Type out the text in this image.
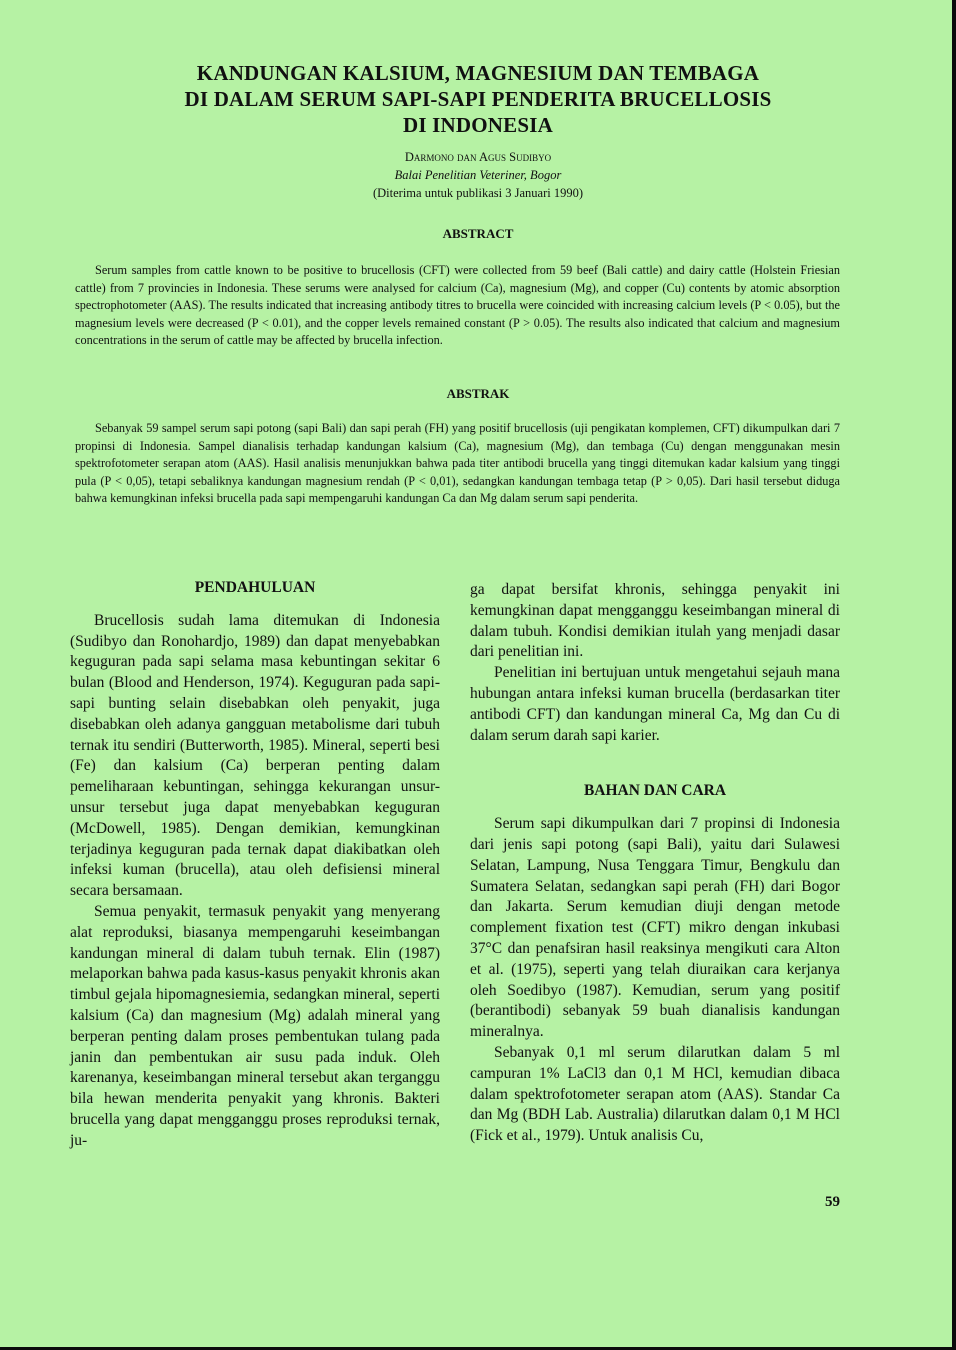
KANDUNGAN KALSIUM, MAGNESIUM DAN TEMBAGA
DI DALAM SERUM SAPI-SAPI PENDERITA BRUCELLOSIS
DI INDONESIA
Darmono dan Agus Sudibyo
Balai Penelitian Veteriner, Bogor
(Diterima untuk publikasi 3 Januari 1990)
ABSTRACT

Serum samples from cattle known to be positive to brucellosis (CFT) were collected from 59 beef (Bali cattle) and dairy cattle (Holstein Friesian cattle) from 7 provincies in Indonesia. These serums were analysed for calcium (Ca), magnesium (Mg), and copper (Cu) contents by atomic absorption spectrophotometer (AAS). The results indicated that increasing antibody titres to brucella were coincided with increasing calcium levels (P < 0.05), but the magnesium levels were decreased (P < 0.01), and the copper levels remained constant (P > 0.05). The results also indicated that calcium and magnesium concentrations in the serum of cattle may be affected by brucella infection.

ABSTRAK

Sebanyak 59 sampel serum sapi potong (sapi Bali) dan sapi perah (FH) yang positif brucellosis (uji pengikatan komplemen, CFT) dikumpulkan dari 7 propinsi di Indonesia. Sampel dianalisis terhadap kandungan kalsium (Ca), magnesium (Mg), dan tembaga (Cu) dengan menggunakan mesin spektrofotometer serapan atom (AAS). Hasil analisis menunjukkan bahwa pada titer antibodi brucella yang tinggi ditemukan kadar kalsium yang tinggi pula (P < 0,05), tetapi sebaliknya kandungan magnesium rendah (P < 0,01), sedangkan kandungan tembaga tetap (P > 0,05). Dari hasil tersebut diduga bahwa kemungkinan infeksi brucella pada sapi mempengaruhi kandungan Ca dan Mg dalam serum sapi penderita.

PENDAHULUAN

Brucellosis sudah lama ditemukan di Indonesia (Sudibyo dan Ronohardjo, 1989) dan dapat menyebabkan keguguran pada sapi selama masa kebuntingan sekitar 6 bulan (Blood and Henderson, 1974). Keguguran pada sapi-sapi bunting selain disebabkan oleh penyakit, juga disebabkan oleh adanya gangguan metabolisme dari tubuh ternak itu sendiri (Butterworth, 1985). Mineral, seperti besi (Fe) dan kalsium (Ca) berperan penting dalam pemeliharaan kebuntingan, sehingga kekurangan unsur-unsur tersebut juga dapat menyebabkan keguguran (McDowell, 1985). Dengan demikian, kemungkinan terjadinya keguguran pada ternak dapat diakibatkan oleh infeksi kuman (brucella), atau oleh defisiensi mineral secara bersamaan.

Semua penyakit, termasuk penyakit yang menyerang alat reproduksi, biasanya mempengaruhi keseimbangan kandungan mineral di dalam tubuh ternak. Elin (1987) melaporkan bahwa pada kasus-kasus penyakit khronis akan timbul gejala hipomagnesiemia, sedangkan mineral, seperti kalsium (Ca) dan magnesium (Mg) adalah mineral yang berperan penting dalam proses pembentukan tulang pada janin dan pembentukan air susu pada induk. Oleh karenanya, keseimbangan mineral tersebut akan terganggu bila hewan menderita penyakit yang khronis. Bakteri brucella yang dapat mengganggu proses reproduksi ternak, ju-

ga dapat bersifat khronis, sehingga penyakit ini kemungkinan dapat mengganggu keseimbangan mineral di dalam tubuh. Kondisi demikian itulah yang menjadi dasar dari penelitian ini.

Penelitian ini bertujuan untuk mengetahui sejauh mana hubungan antara infeksi kuman brucella (berdasarkan titer antibodi CFT) dan kandungan mineral Ca, Mg dan Cu di dalam serum darah sapi karier.

BAHAN DAN CARA

Serum sapi dikumpulkan dari 7 propinsi di Indonesia dari jenis sapi potong (sapi Bali), yaitu dari Sulawesi Selatan, Lampung, Nusa Tenggara Timur, Bengkulu dan Sumatera Selatan, sedangkan sapi perah (FH) dari Bogor dan Jakarta. Serum kemudian diuji dengan metode complement fixation test (CFT) mikro dengan inkubasi 37°C dan penafsiran hasil reaksinya mengikuti cara Alton et al. (1975), seperti yang telah diuraikan cara kerjanya oleh Soedibyo (1987). Kemudian, serum yang positif (berantibodi) sebanyak 59 buah dianalisis kandungan mineralnya.

Sebanyak 0,1 ml serum dilarutkan dalam 5 ml campuran 1% LaCl3 dan 0,1 M HCl, kemudian dibaca dalam spektrofotometer serapan atom (AAS). Standar Ca dan Mg (BDH Lab. Australia) dilarutkan dalam 0,1 M HCl (Fick et al., 1979). Untuk analisis Cu,

59
